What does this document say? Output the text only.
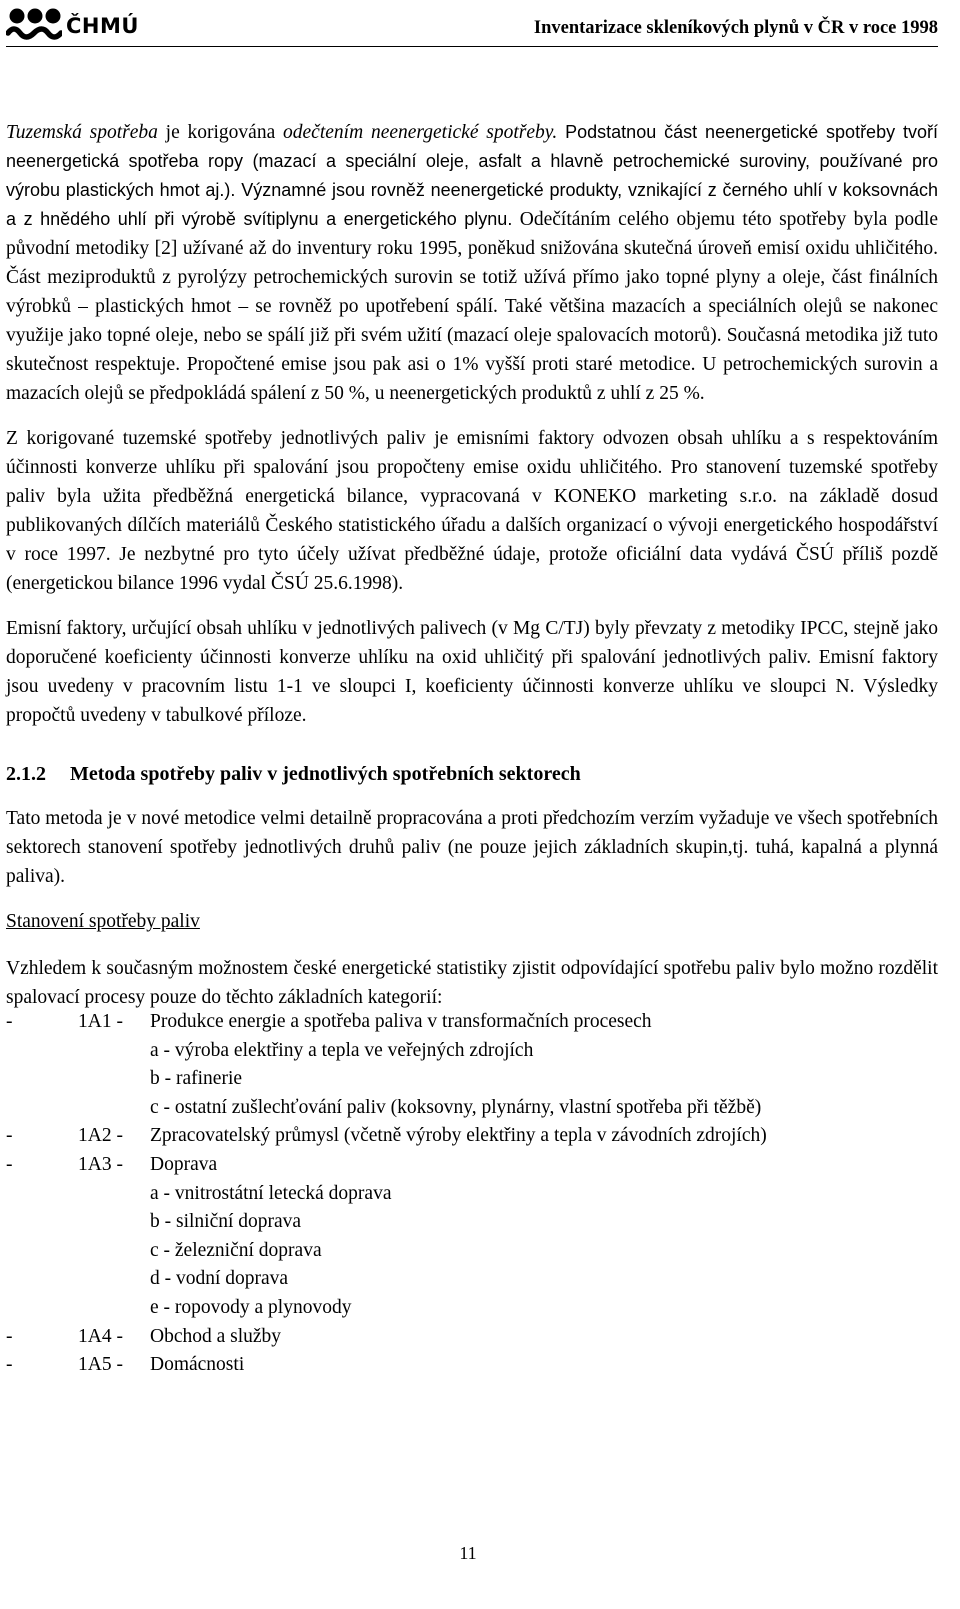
ČHMÚ	Inventarizace skleníkových plynů v ČR v roce 1998

Tuzemská spotřeba je korigována odečtením neenergetické spotřeby. Podstatnou část neenergetické spotřeby tvoří neenergetická spotřeba ropy (mazací a speciální oleje, asfalt a hlavně petrochemické suroviny, používané pro výrobu plastických hmot aj.). Významné jsou rovněž neenergetické produkty, vznikající z černého uhlí v koksovnách a z hnědého uhlí při výrobě svítiplynu a energetického plynu. Odečítáním celého objemu této spotřeby byla podle původní metodiky [2] užívané až do inventury roku 1995, poněkud snižována skutečná úroveň emisí oxidu uhličitého. Část meziproduktů z pyrolýzy petrochemických surovin se totiž užívá přímo jako topné plyny a oleje, část finálních výrobků – plastických hmot – se rovněž po upotřebení spálí. Také většina mazacích a speciálních olejů se nakonec využije jako topné oleje, nebo se spálí již při svém užití (mazací oleje spalovacích motorů). Současná metodika již tuto skutečnost respektuje. Propočtené emise jsou pak asi o 1% vyšší proti staré metodice. U petrochemických surovin a mazacích olejů se předpokládá spálení z 50 %, u neenergetických produktů z uhlí z 25 %.

Z korigované tuzemské spotřeby jednotlivých paliv je emisními faktory odvozen obsah uhlíku a s respektováním účinnosti konverze uhlíku při spalování jsou propočteny emise oxidu uhličitého. Pro stanovení tuzemské spotřeby paliv byla užita předběžná energetická bilance, vypracovaná v KONEKO marketing s.r.o. na základě dosud publikovaných dílčích materiálů Českého statistického úřadu a dalších organizací o vývoji energetického hospodářství v roce 1997. Je nezbytné pro tyto účely užívat předběžné údaje, protože oficiální data vydává ČSÚ příliš pozdě (energetickou bilance 1996 vydal ČSÚ 25.6.1998).

Emisní faktory, určující obsah uhlíku v jednotlivých palivech (v Mg C/TJ) byly převzaty z metodiky IPCC, stejně jako doporučené koeficienty účinnosti konverze uhlíku na oxid uhličitý při spalování jednotlivých paliv. Emisní faktory jsou uvedeny v pracovním listu 1-1 ve sloupci I, koeficienty účinnosti konverze uhlíku ve sloupci N. Výsledky propočtů uvedeny v tabulkové příloze.

2.1.2 Metoda spotřeby paliv v jednotlivých spotřebních sektorech

Tato metoda je v nové metodice velmi detailně propracována a proti předchozím verzím vyžaduje ve všech spotřebních sektorech stanovení spotřeby jednotlivých druhů paliv (ne pouze jejich základních skupin,tj. tuhá, kapalná a plynná paliva).

Stanovení spotřeby paliv

Vzhledem k současným možnostem české energetické statistiky zjistit odpovídající spotřebu paliv bylo možno rozdělit spalovací procesy pouze do těchto základních kategorií:

-	1A1 -	Produkce energie a spotřeba paliva v transformačních procesech
a - výroba elektřiny a tepla ve veřejných zdrojích
b - rafinerie
c - ostatní zušlechťování paliv (koksovny, plynárny, vlastní spotřeba při těžbě)
-	1A2 -	Zpracovatelský průmysl (včetně výroby elektřiny a tepla v závodních zdrojích)
-	1A3 -	Doprava
a - vnitrostátní letecká doprava
b - silniční doprava
c - železniční doprava
d - vodní doprava
e - ropovody a plynovody
-	1A4 -	Obchod a služby
-	1A5 -	Domácnosti
11
